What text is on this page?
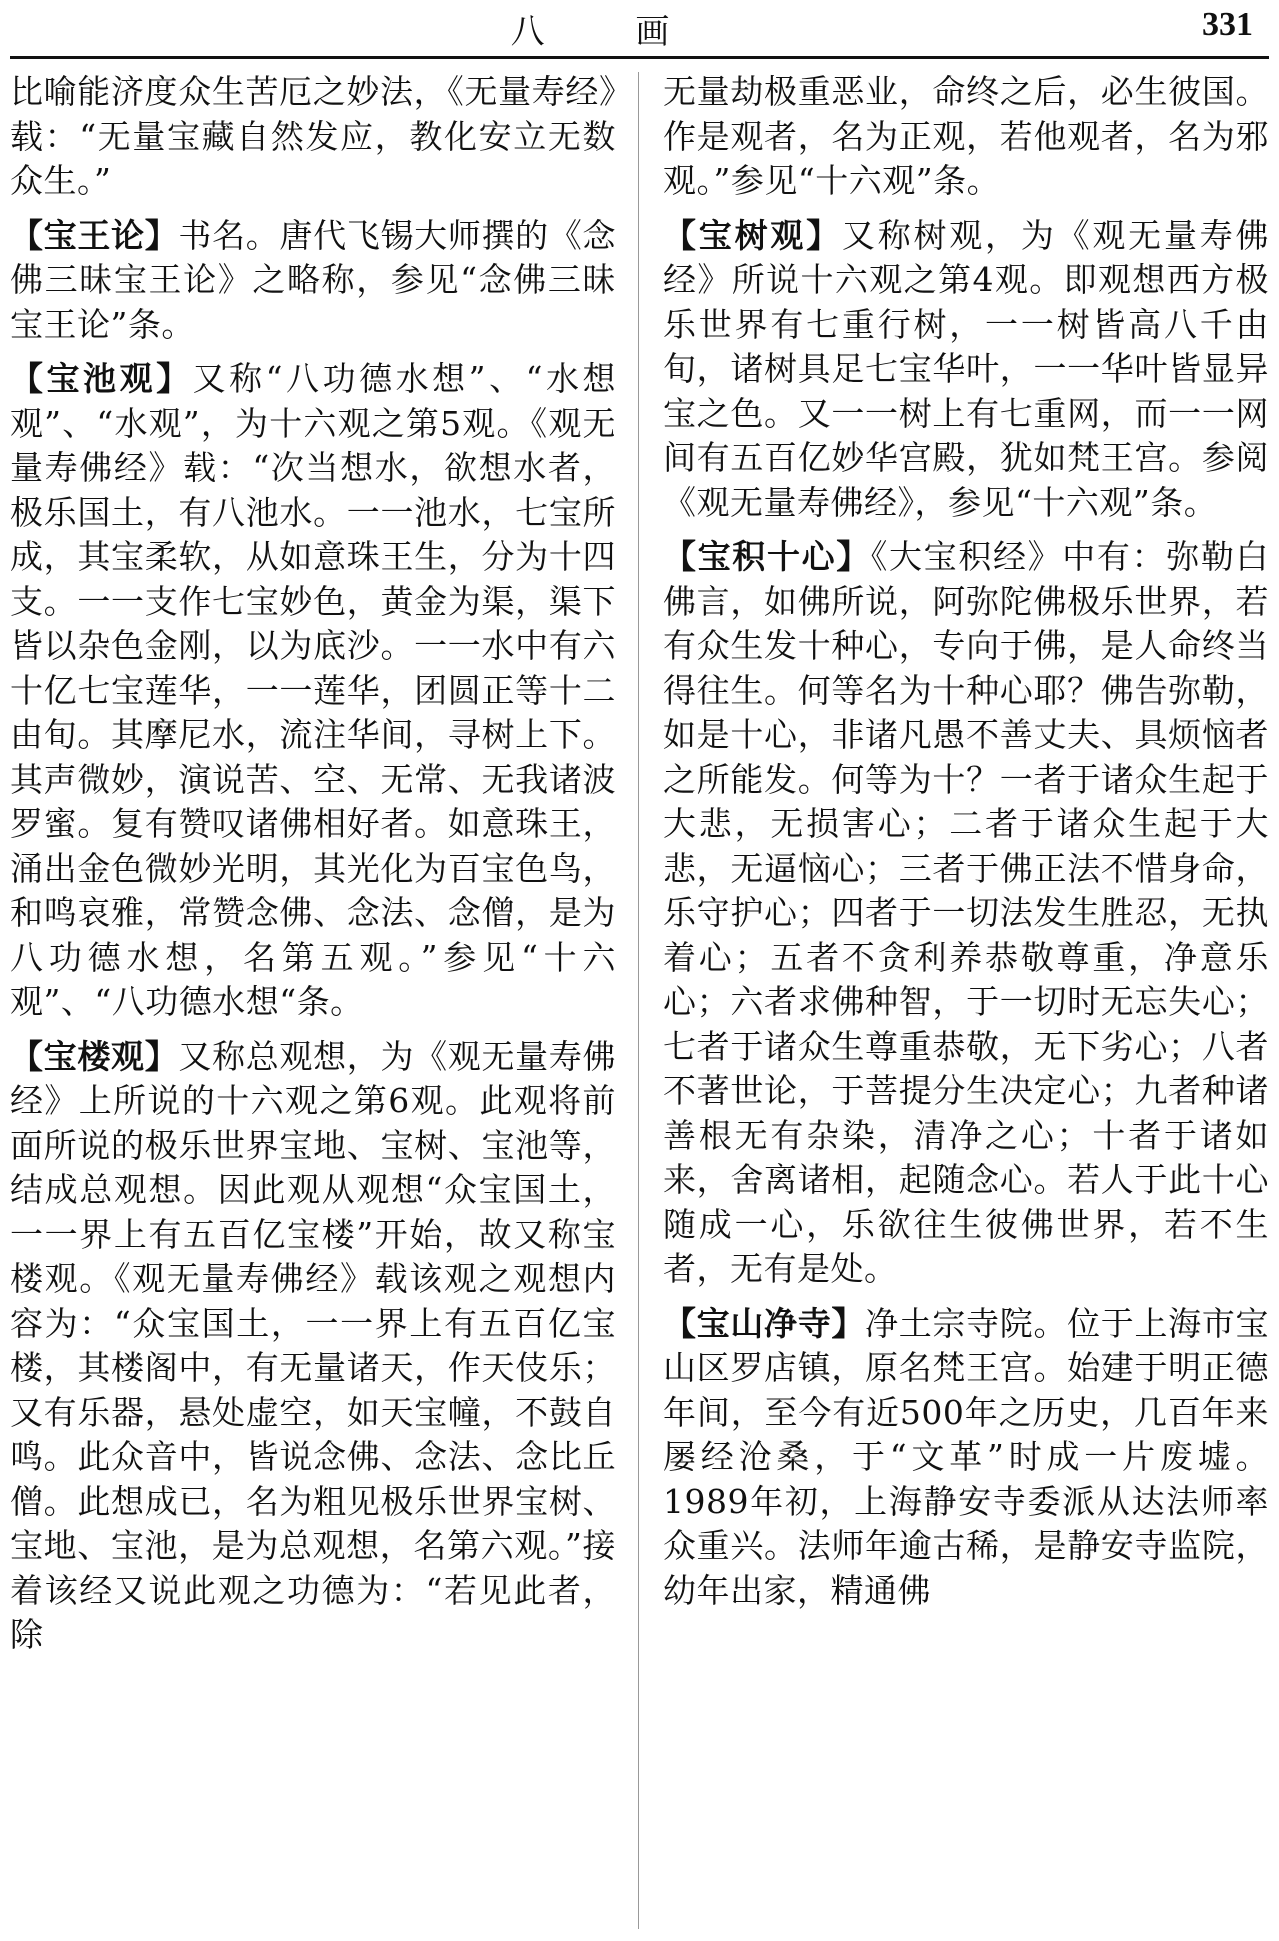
八 画	331

比喻能济度众生苦厄之妙法，《无量寿经》载：“无量宝藏自然发应，教化安立无数众生。”

【宝王论】书名。唐代飞锡大师撰的《念佛三昧宝王论》之略称，参见“念佛三昧宝王论”条。

【宝池观】又称“八功德水想”、“水想观”、“水观”，为十六观之第5观。《观无量寿佛经》载：“次当想水，欲想水者，极乐国土，有八池水。一一池水，七宝所成，其宝柔软，从如意珠王生，分为十四支。一一支作七宝妙色，黄金为渠，渠下皆以杂色金刚，以为底沙。一一水中有六十亿七宝莲华，一一莲华，团圆正等十二由旬。其摩尼水，流注华间，寻树上下。其声微妙，演说苦、空、无常、无我诸波罗蜜。复有赞叹诸佛相好者。如意珠王，涌出金色微妙光明，其光化为百宝色鸟，和鸣哀雅，常赞念佛、念法、念僧，是为八功德水想，名第五观。”参见“十六观”、“八功德水想“条。

【宝楼观】又称总观想，为《观无量寿佛经》上所说的十六观之第6观。此观将前面所说的极乐世界宝地、宝树、宝池等，结成总观想。因此观从观想“众宝国土，一一界上有五百亿宝楼”开始，故又称宝楼观。《观无量寿佛经》载该观之观想内容为：“众宝国土，一一界上有五百亿宝楼，其楼阁中，有无量诸天，作天伎乐；又有乐器，悬处虚空，如天宝幢，不鼓自鸣。此众音中，皆说念佛、念法、念比丘僧。此想成已，名为粗见极乐世界宝树、宝地、宝池，是为总观想，名第六观。”接着该经又说此观之功德为：“若见此者，除

无量劫极重恶业，命终之后，必生彼国。作是观者，名为正观，若他观者，名为邪观。”参见“十六观”条。

【宝树观】又称树观，为《观无量寿佛经》所说十六观之第4观。即观想西方极乐世界有七重行树，一一树皆高八千由旬，诸树具足七宝华叶，一一华叶皆显异宝之色。又一一树上有七重网，而一一网间有五百亿妙华宫殿，犹如梵王宫。参阅《观无量寿佛经》，参见“十六观”条。

【宝积十心】《大宝积经》中有：弥勒白佛言，如佛所说，阿弥陀佛极乐世界，若有众生发十种心，专向于佛，是人命终当得往生。何等名为十种心耶？佛告弥勒，如是十心，非诸凡愚不善丈夫、具烦恼者之所能发。何等为十？一者于诸众生起于大悲，无损害心；二者于诸众生起于大悲，无逼恼心；三者于佛正法不惜身命，乐守护心；四者于一切法发生胜忍，无执着心；五者不贪利养恭敬尊重，净意乐心；六者求佛种智，于一切时无忘失心；七者于诸众生尊重恭敬，无下劣心；八者不著世论，于菩提分生决定心；九者种诸善根无有杂染，清净之心；十者于诸如来，舍离诸相，起随念心。若人于此十心随成一心，乐欲往生彼佛世界，若不生者，无有是处。

【宝山净寺】净土宗寺院。位于上海市宝山区罗店镇，原名梵王宫。始建于明正德年间，至今有近500年之历史，几百年来屡经沧桑，于“文革”时成一片废墟。1989年初，上海静安寺委派从达法师率众重兴。法师年逾古稀，是静安寺监院，幼年出家，精通佛
